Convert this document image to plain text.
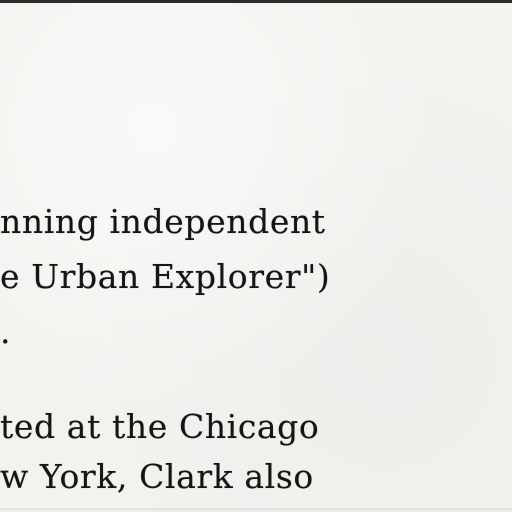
nning independent
e Urban Explorer")
.
ted at the Chicago
w York, Clark also
